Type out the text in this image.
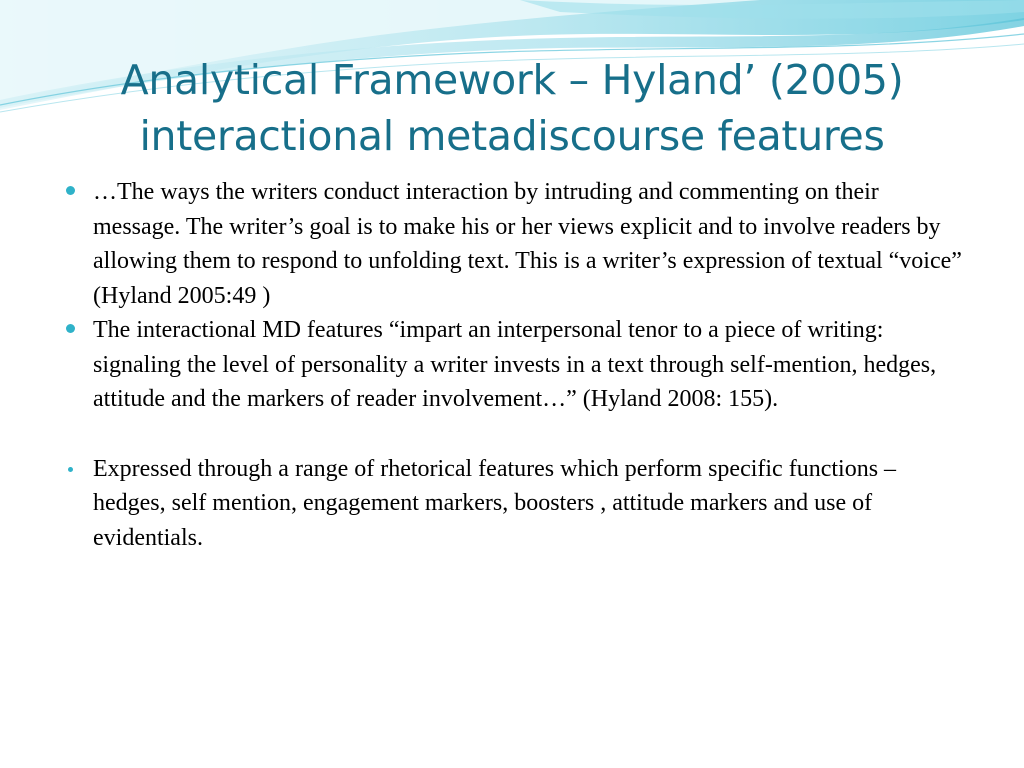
Analytical Framework – Hyland’ (2005)
interactional metadiscourse features
…The ways the writers conduct interaction by intruding and commenting on their message. The writer’s goal is to make his or her views explicit and to involve readers by allowing them to respond to unfolding text. This is a writer’s expression of textual “voice” (Hyland 2005:49 )
The interactional MD features “impart an interpersonal tenor to a piece of writing: signaling the level of personality a writer invests in a text through self-mention, hedges, attitude and the markers of reader involvement…” (Hyland 2008: 155).
Expressed through a range of rhetorical features which perform specific functions – hedges, self mention, engagement markers, boosters , attitude markers and use of evidentials.
